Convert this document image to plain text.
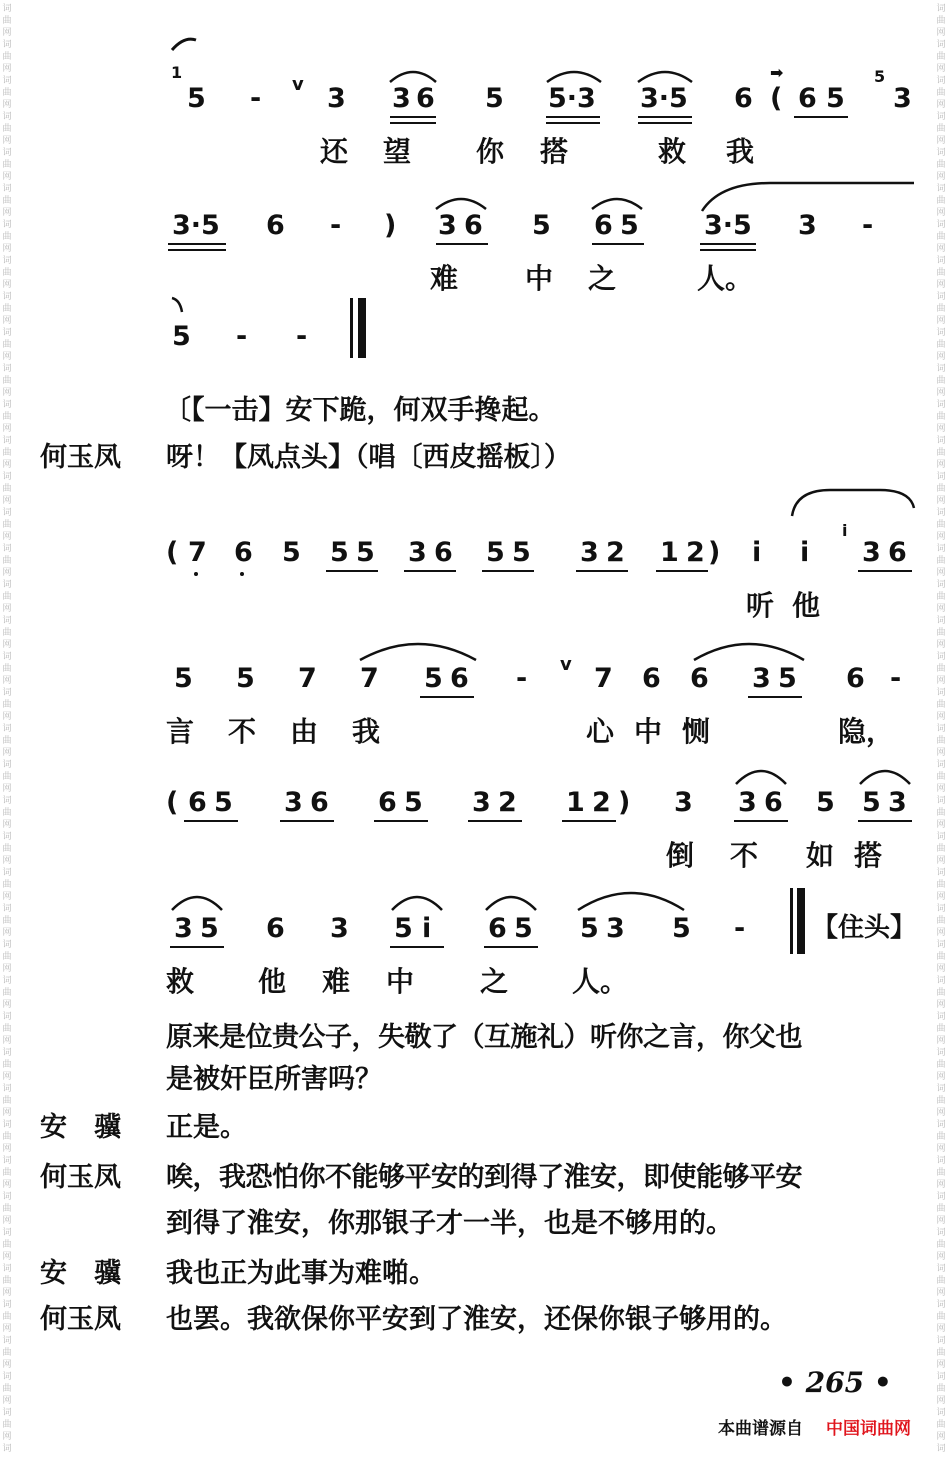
词
曲
网
词
曲
网
词
曲
网
词
曲
网
词
曲
网
词
曲
网
词
曲
网
词
曲
网
词
曲
网
词
曲
网
词
曲
网
词
曲
网
词
曲
网
词
曲
网
词
曲
网
词
曲
网
词
曲
网
词
曲
网
词
曲
网
词
曲
网
词
曲
网
词
曲
网
词
曲
网
词
曲
网
词
曲
网
词
曲
网
词
曲
网
词
曲
网
词
曲
网
词
曲
网
词
曲
网
词
曲
网
词
曲
网
词
曲
网
词
曲
网
词
曲
网
词
曲
网
词
曲
网
词
曲
网
词
曲
网
词
词
曲
网
词
曲
网
词
曲
网
词
曲
网
词
曲
网
词
曲
网
词
曲
网
词
曲
网
词
曲
网
词
曲
网
词
曲
网
词
曲
网
词
曲
网
词
曲
网
词
曲
网
词
曲
网
词
曲
网
词
曲
网
词
曲
网
词
曲
网
词
曲
网
词
曲
网
词
曲
网
词
曲
网
词
曲
网
词
曲
网
词
曲
网
词
曲
网
词
曲
网
词
曲
网
词
曲
网
词
曲
网
词
曲
网
词
曲
网
词
曲
网
词
曲
网
词
曲
网
词
曲
网
词
曲
网
词
曲
网
词
1
5 - v 3 3 6 5 5·3 3·5 6
➡
( 6 5
5
3
还 望 你 搭	救 我
3·5 6 - ) 3 6 5 6 5 3·5 3 -
难 中 之	人。
5 - -
〔【一击】安下跪，何双手搀起。
何玉凤 呀！【凤点头】（唱〔西皮摇板〕）
( 7 6 5 5 5 3 6 5 5 3 2 1 2 ) i i
i
3 6
听 他
5 5 7 7 5 6 - v 7 6 6 3 5 6 -
言 不 由 我	心 中 恻	隐，
( 6 5 3 6 6 5 3 2 1 2 ) 3 3 6 5 5 3
倒 不 如 搭
3 5 6 3 5 i 6 5 5 3 5 -	【住头】
救 他 难 中 之 人。
原来是位贵公子，失敬了（互施礼）听你之言，你父也
是被奸臣所害吗？
安　骥 正是。
何玉凤 唉，我恐怕你不能够平安的到得了淮安，即使能够平安
到得了淮安，你那银子才一半，也是不够用的。
安　骥 我也正为此事为难啪。
何玉凤 也罢。我欲保你平安到了淮安，还保你银子够用的。
• 265 •
本曲谱源自 中国词曲网
